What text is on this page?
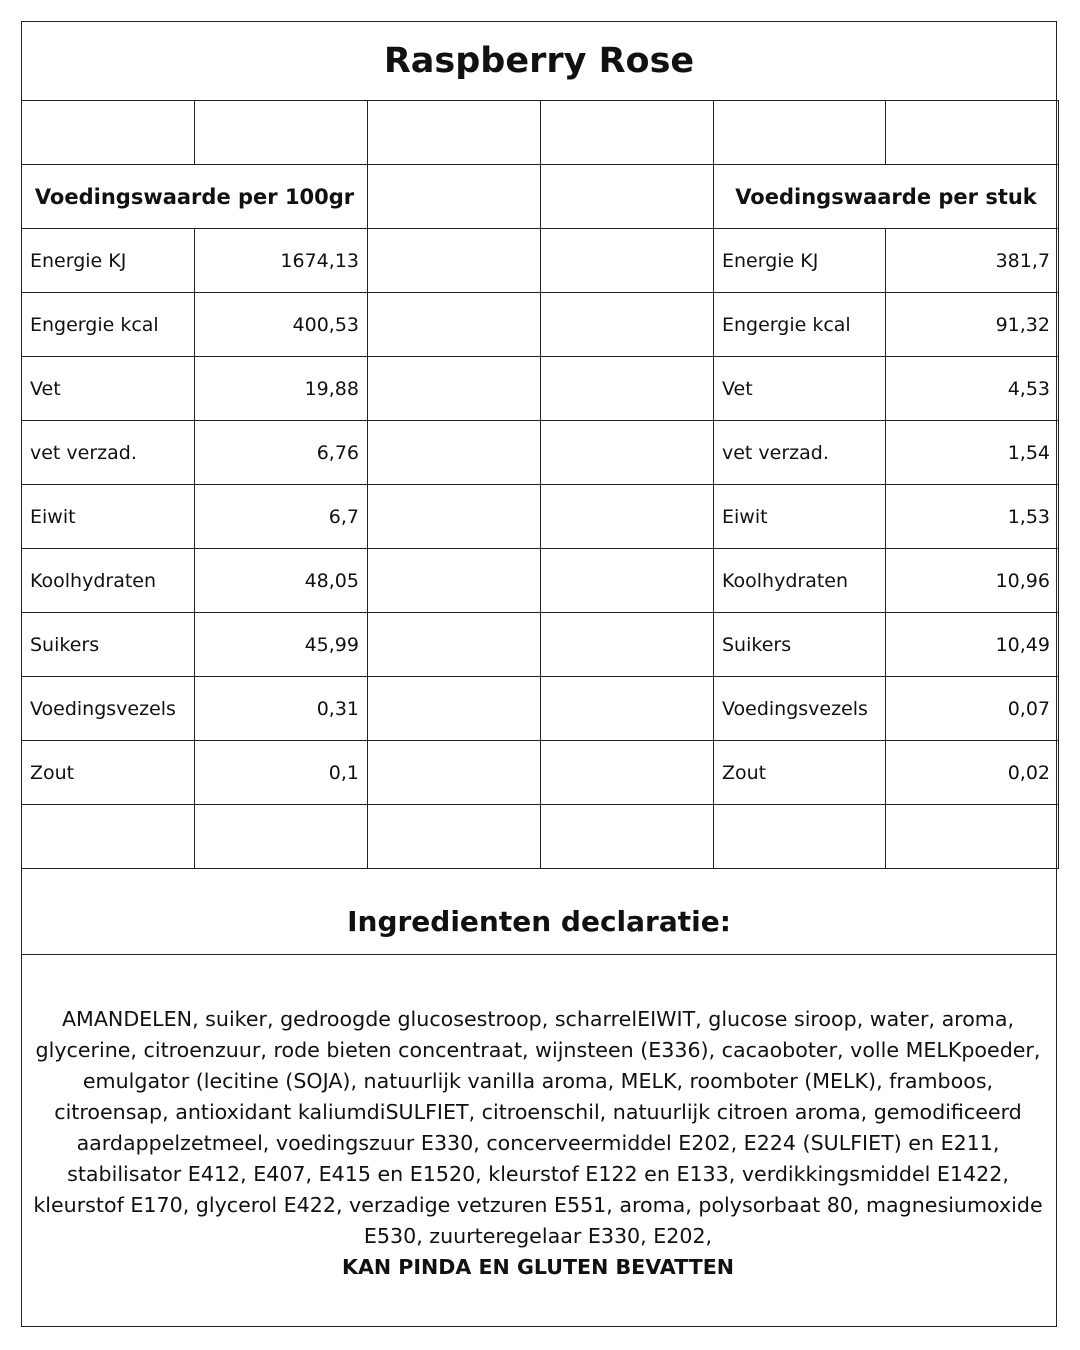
Raspberry Rose

Voedingswaarde per 100gr				Voedingswaarde per stuk	
Energie KJ	1674,13			Energie KJ	381,7
Engergie kcal	400,53			Engergie kcal	91,32
Vet	19,88			Vet	4,53
vet verzad.	6,76			vet verzad.	1,54
Eiwit	6,7			Eiwit	1,53
Koolhydraten	48,05			Koolhydraten	10,96
Suikers	45,99			Suikers	10,49
Voedingsvezels	0,31			Voedingsvezels	0,07
Zout	0,1			Zout	0,02

Ingredienten declaratie:
AMANDELEN, suiker, gedroogde glucosestroop, scharrelEIWIT, glucose siroop, water, aroma, glycerine, citroenzuur, rode bieten concentraat, wijnsteen (E336), cacaoboter, volle MELKpoeder, emulgator (lecitine (SOJA), natuurlijk vanilla aroma, MELK, roomboter (MELK), framboos, citroensap, antioxidant kaliumdiSULFIET, citroenschil, natuurlijk citroen aroma, gemodificeerd aardappelzetmeel, voedingszuur E330, concerveermiddel E202, E224 (SULFIET) en E211, stabilisator E412, E407, E415 en E1520, kleurstof E122 en E133, verdikkingsmiddel E1422, kleurstof E170, glycerol E422, verzadige vetzuren E551, aroma, polysorbaat 80, magnesiumoxide E530, zuurteregelaar E330, E202,
KAN PINDA EN GLUTEN BEVATTEN
